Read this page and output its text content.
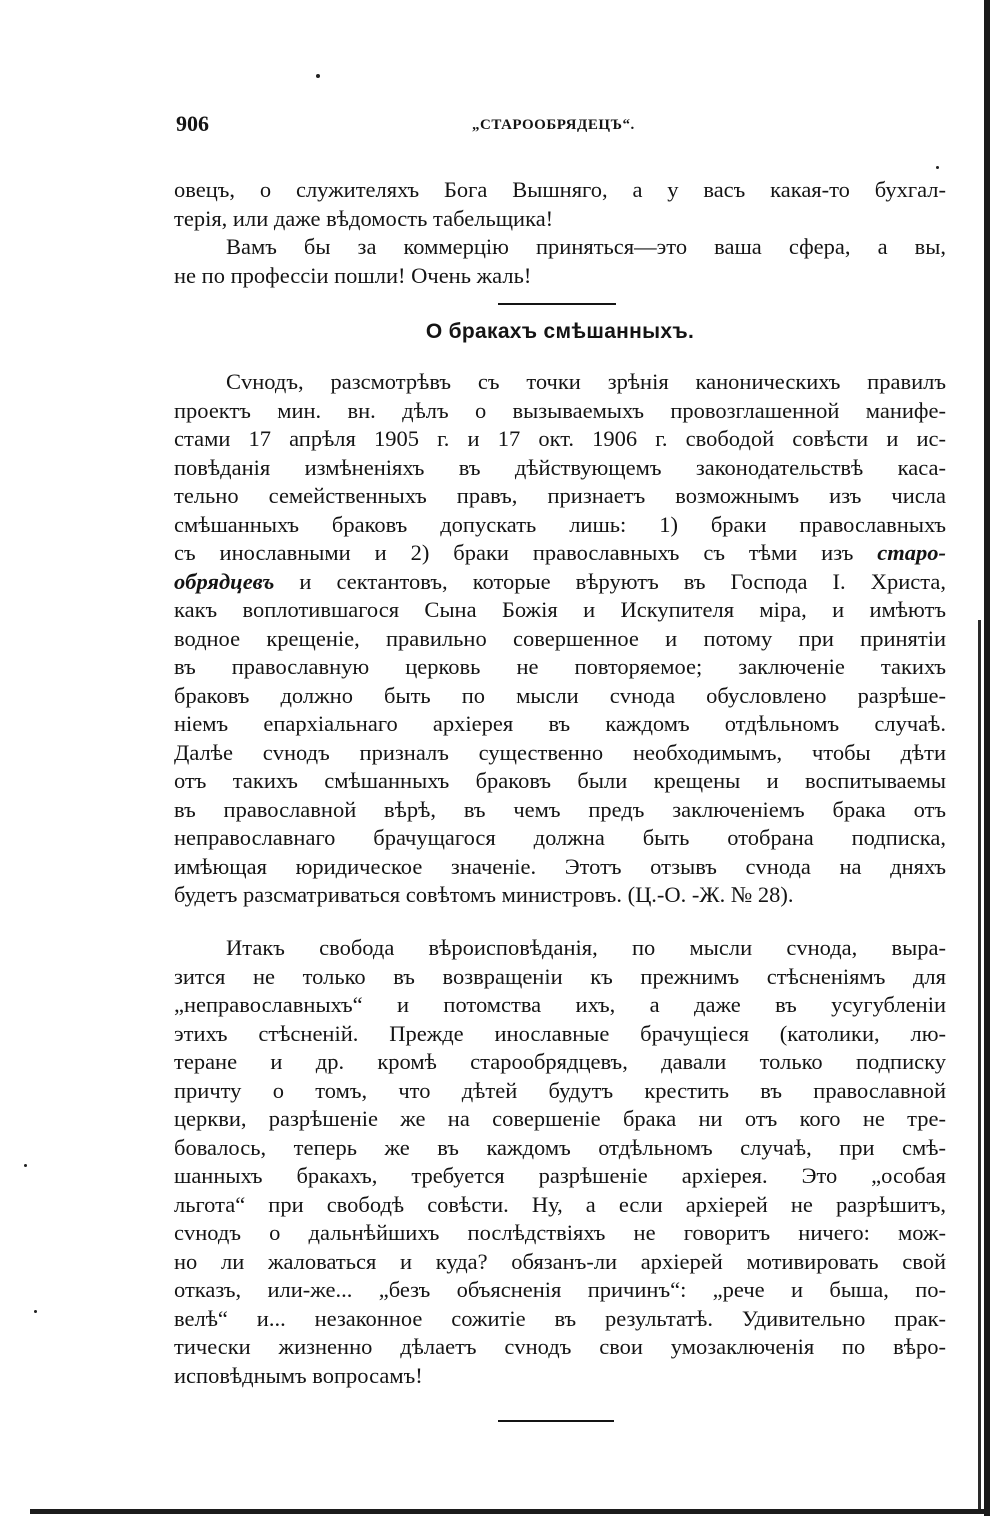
906	„СТАРООБРЯДЕЦЪ“.
овецъ, о служителяхъ Бога Вышняго, а у васъ какая-то бухгал-
терія, или даже вѣдомость табельщика!
Вамъ бы за коммерцію приняться—это ваша сфера, а вы,
не по профессіи пошли! Очень жаль!
О бракахъ смѣшанныхъ.
Сvнодъ, разсмотрѣвъ съ точки зрѣнія каноническихъ правилъ
проектъ мин. вн. дѣлъ о вызываемыхъ провозглашенной манифе-
стами 17 апрѣля 1905 г. и 17 окт. 1906 г. свободой совѣсти и ис-
повѣданія измѣненіяхъ въ дѣйствующемъ законодательствѣ каса-
тельно семейственныхъ правъ, признаетъ возможнымъ изъ числа
смѣшанныхъ браковъ допускать лишь: 1) браки православныхъ
съ инославными и 2) браки православныхъ съ тѣми изъ старо-
обрядцевъ и сектантовъ, которые вѣруютъ въ Господа І. Христа,
какъ воплотившагося Сына Божія и Искупителя міра, и имѣютъ
водное крещеніе, правильно совершенное и потому при принятіи
въ православную церковь не повторяемое; заключеніе такихъ
браковъ должно быть по мысли сvнода обусловлено разрѣше-
ніемъ епархіальнаго архіерея въ каждомъ отдѣльномъ случаѣ.
Далѣе сvнодъ призналъ существенно необходимымъ, чтобы дѣти
отъ такихъ смѣшанныхъ браковъ были крещены и воспитываемы
въ православной вѣрѣ, въ чемъ предъ заключеніемъ брака отъ
неправославнаго брачущагося должна быть отобрана подписка,
имѣющая юридическое значеніе. Этотъ отзывъ сvнода на дняхъ
будетъ разсматриваться совѣтомъ министровъ. (Ц.-О. -Ж. № 28).
Итакъ свобода вѣроисповѣданія, по мысли сvнода, выра-
зится не только въ возвращеніи къ прежнимъ стѣсненіямъ для
„неправославныхъ“ и потомства ихъ, а даже въ усугубленіи
этихъ стѣсненій. Прежде инославные брачущіеся (католики, лю-
теране и др. кромѣ старообрядцевъ, давали только подписку
причту о томъ, что дѣтей будутъ крестить въ православной
церкви, разрѣшеніе же на совершеніе брака ни отъ кого не тре-
бовалось, теперь же въ каждомъ отдѣльномъ случаѣ, при смѣ-
шанныхъ бракахъ, требуется разрѣшеніе архіерея. Это „особая
льгота“ при свободѣ совѣсти. Ну, а если архіерей не разрѣшитъ,
сvнодъ о дальнѣйшихъ послѣдствіяхъ не говоритъ ничего: мож-
но ли жаловаться и куда? обязанъ-ли архіерей мотивировать свой
отказъ, или-же... „безъ объясненія причинъ“: „рече и быша, по-
велѣ“ и... незаконное сожитіе въ результатѣ. Удивительно прак-
тически жизненно дѣлаетъ сvнодъ свои умозаключенія по вѣро-
исповѣднымъ вопросамъ!
